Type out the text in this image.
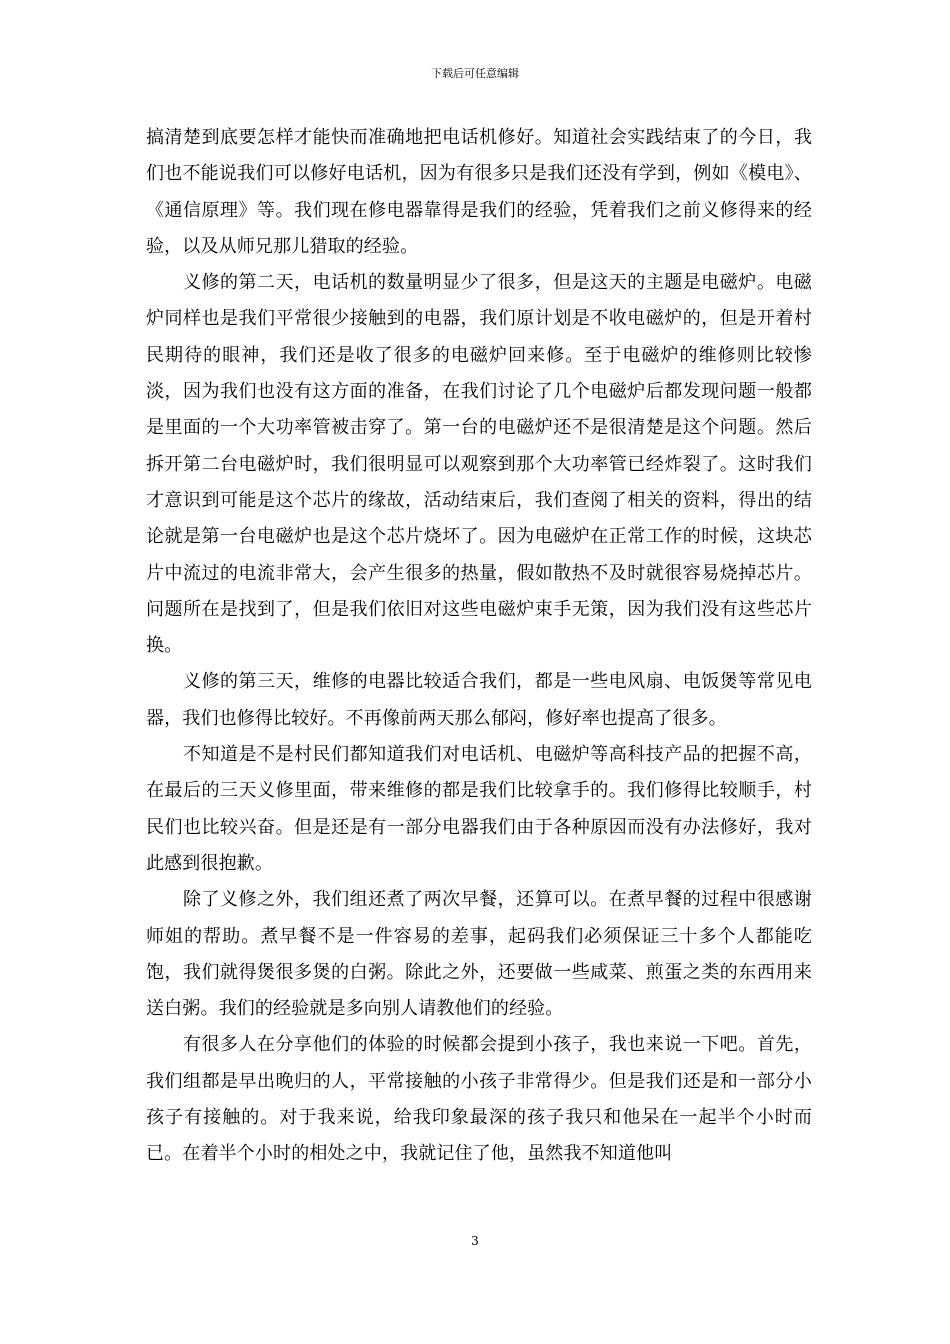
下载后可任意编辑

搞清楚到底要怎样才能快而准确地把电话机修好。知道社会实践结束了的今日，我们也不能说我们可以修好电话机，因为有很多只是我们还没有学到，例如《模电》、《通信原理》等。我们现在修电器靠得是我们的经验，凭着我们之前义修得来的经验，以及从师兄那儿猎取的经验。

义修的第二天，电话机的数量明显少了很多，但是这天的主题是电磁炉。电磁炉同样也是我们平常很少接触到的电器，我们原计划是不收电磁炉的，但是开着村民期待的眼神，我们还是收了很多的电磁炉回来修。至于电磁炉的维修则比较惨淡，因为我们也没有这方面的准备，在我们讨论了几个电磁炉后都发现问题一般都是里面的一个大功率管被击穿了。第一台的电磁炉还不是很清楚是这个问题。然后拆开第二台电磁炉时，我们很明显可以观察到那个大功率管已经炸裂了。这时我们才意识到可能是这个芯片的缘故，活动结束后，我们查阅了相关的资料，得出的结论就是第一台电磁炉也是这个芯片烧坏了。因为电磁炉在正常工作的时候，这块芯片中流过的电流非常大，会产生很多的热量，假如散热不及时就很容易烧掉芯片。问题所在是找到了，但是我们依旧对这些电磁炉束手无策，因为我们没有这些芯片换。

义修的第三天，维修的电器比较适合我们，都是一些电风扇、电饭煲等常见电器，我们也修得比较好。不再像前两天那么郁闷，修好率也提高了很多。

不知道是不是村民们都知道我们对电话机、电磁炉等高科技产品的把握不高，在最后的三天义修里面，带来维修的都是我们比较拿手的。我们修得比较顺手，村民们也比较兴奋。但是还是有一部分电器我们由于各种原因而没有办法修好，我对此感到很抱歉。

除了义修之外，我们组还煮了两次早餐，还算可以。在煮早餐的过程中很感谢师姐的帮助。煮早餐不是一件容易的差事，起码我们必须保证三十多个人都能吃饱，我们就得煲很多煲的白粥。除此之外，还要做一些咸菜、煎蛋之类的东西用来送白粥。我们的经验就是多向别人请教他们的经验。

有很多人在分享他们的体验的时候都会提到小孩子，我也来说一下吧。首先，我们组都是早出晚归的人，平常接触的小孩子非常得少。但是我们还是和一部分小孩子有接触的。对于我来说，给我印象最深的孩子我只和他呆在一起半个小时而已。在着半个小时的相处之中，我就记住了他，虽然我不知道他叫

3
